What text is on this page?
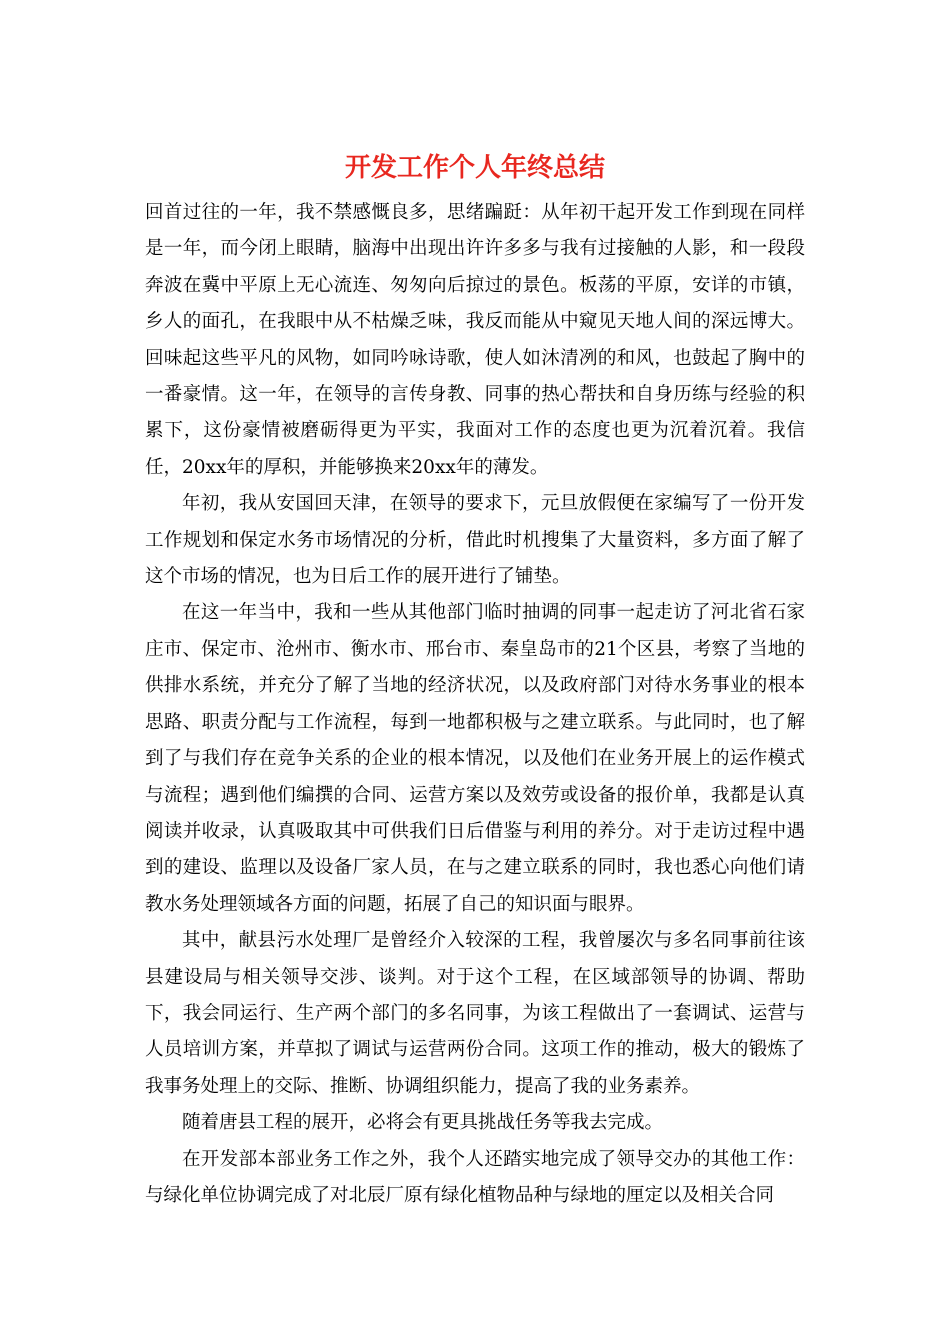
开发工作个人年终总结

回首过往的一年，我不禁感慨良多，思绪蹁跹：从年初干起开发工作到现在同样是一年，而今闭上眼睛，脑海中出现出许许多多与我有过接触的人影，和一段段奔波在冀中平原上无心流连、匆匆向后掠过的景色。板荡的平原，安详的市镇，乡人的面孔，在我眼中从不枯燥乏味，我反而能从中窥见天地人间的深远博大。回味起这些平凡的风物，如同吟咏诗歌，使人如沐清冽的和风，也鼓起了胸中的一番豪情。这一年，在领导的言传身教、同事的热心帮扶和自身历练与经验的积累下，这份豪情被磨砺得更为平实，我面对工作的态度也更为沉着沉着。我信任，20xx年的厚积，并能够换来20xx年的薄发。

年初，我从安国回天津，在领导的要求下，元旦放假便在家编写了一份开发工作规划和保定水务市场情况的分析，借此时机搜集了大量资料，多方面了解了这个市场的情况，也为日后工作的展开进行了铺垫。

在这一年当中，我和一些从其他部门临时抽调的同事一起走访了河北省石家庄市、保定市、沧州市、衡水市、邢台市、秦皇岛市的21个区县，考察了当地的供排水系统，并充分了解了当地的经济状况，以及政府部门对待水务事业的根本思路、职责分配与工作流程，每到一地都积极与之建立联系。与此同时，也了解到了与我们存在竞争关系的企业的根本情况，以及他们在业务开展上的运作模式与流程；遇到他们编撰的合同、运营方案以及效劳或设备的报价单，我都是认真阅读并收录，认真吸取其中可供我们日后借鉴与利用的养分。对于走访过程中遇到的建设、监理以及设备厂家人员，在与之建立联系的同时，我也悉心向他们请教水务处理领域各方面的问题，拓展了自己的知识面与眼界。

其中，献县污水处理厂是曾经介入较深的工程，我曾屡次与多名同事前往该县建设局与相关领导交涉、谈判。对于这个工程，在区域部领导的协调、帮助下，我会同运行、生产两个部门的多名同事，为该工程做出了一套调试、运营与人员培训方案，并草拟了调试与运营两份合同。这项工作的推动，极大的锻炼了我事务处理上的交际、推断、协调组织能力，提高了我的业务素养。

随着唐县工程的展开，必将会有更具挑战任务等我去完成。

在开发部本部业务工作之外，我个人还踏实地完成了领导交办的其他工作：与绿化单位协调完成了对北辰厂原有绿化植物品种与绿地的厘定以及相关合同
